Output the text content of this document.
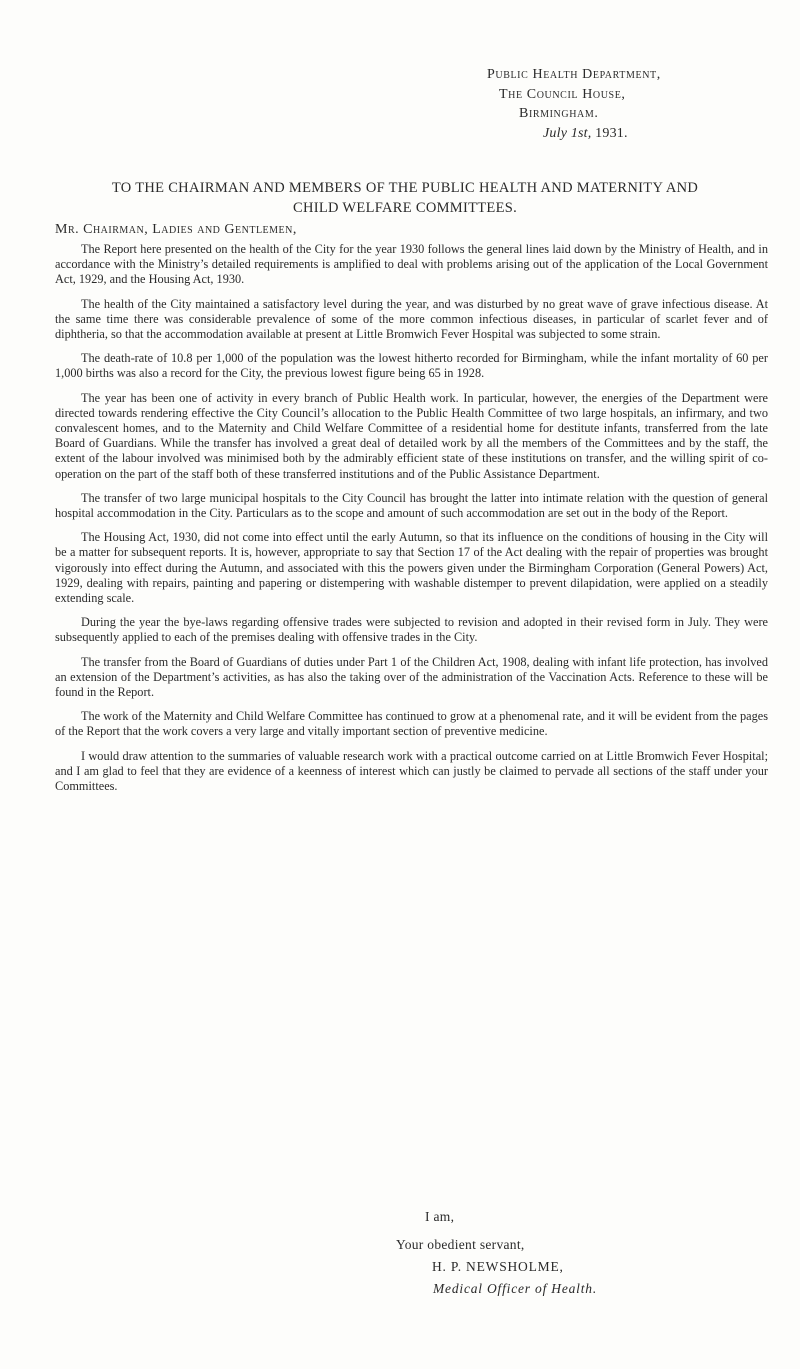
Public Health Department,
The Council House,
Birmingham.
July 1st, 1931.
TO THE CHAIRMAN AND MEMBERS OF THE PUBLIC HEALTH AND MATERNITY AND
CHILD WELFARE COMMITTEES.
Mr. Chairman, Ladies and Gentlemen,

The Report here presented on the health of the City for the year 1930 follows the general lines laid down by the Ministry of Health, and in accordance with the Ministry’s detailed requirements is amplified to deal with problems arising out of the application of the Local Government Act, 1929, and the Housing Act, 1930.

The health of the City maintained a satisfactory level during the year, and was disturbed by no great wave of grave infectious disease. At the same time there was considerable prevalence of some of the more common infectious diseases, in particular of scarlet fever and of diphtheria, so that the accommodation available at present at Little Bromwich Fever Hospital was subjected to some strain.

The death-rate of 10.8 per 1,000 of the population was the lowest hitherto recorded for Birmingham, while the infant mortality of 60 per 1,000 births was also a record for the City, the previous lowest figure being 65 in 1928.

The year has been one of activity in every branch of Public Health work. In particular, however, the energies of the Department were directed towards rendering effective the City Council’s allocation to the Public Health Committee of two large hospitals, an infirmary, and two convalescent homes, and to the Maternity and Child Welfare Committee of a residential home for destitute infants, transferred from the late Board of Guardians. While the transfer has involved a great deal of detailed work by all the members of the Committees and by the staff, the extent of the labour involved was minimised both by the admirably efficient state of these institutions on transfer, and the willing spirit of co-operation on the part of the staff both of these transferred institutions and of the Public Assistance Department.

The transfer of two large municipal hospitals to the City Council has brought the latter into intimate relation with the question of general hospital accommodation in the City. Particulars as to the scope and amount of such accommodation are set out in the body of the Report.

The Housing Act, 1930, did not come into effect until the early Autumn, so that its influence on the conditions of housing in the City will be a matter for subsequent reports. It is, however, appropriate to say that Section 17 of the Act dealing with the repair of properties was brought vigorously into effect during the Autumn, and associated with this the powers given under the Birmingham Corporation (General Powers) Act, 1929, dealing with repairs, painting and papering or distempering with washable distemper to prevent dilapidation, were applied on a steadily extending scale.

During the year the bye-laws regarding offensive trades were subjected to revision and adopted in their revised form in July. They were subsequently applied to each of the premises dealing with offensive trades in the City.

The transfer from the Board of Guardians of duties under Part 1 of the Children Act, 1908, dealing with infant life protection, has involved an extension of the Department’s activities, as has also the taking over of the administration of the Vaccination Acts. Reference to these will be found in the Report.

The work of the Maternity and Child Welfare Committee has continued to grow at a phenomenal rate, and it will be evident from the pages of the Report that the work covers a very large and vitally important section of preventive medicine.

I would draw attention to the summaries of valuable research work with a practical outcome carried on at Little Bromwich Fever Hospital; and I am glad to feel that they are evidence of a keenness of interest which can justly be claimed to pervade all sections of the staff under your Committees.

I am,
Your obedient servant,
H. P. NEWSHOLME,
Medical Officer of Health.
